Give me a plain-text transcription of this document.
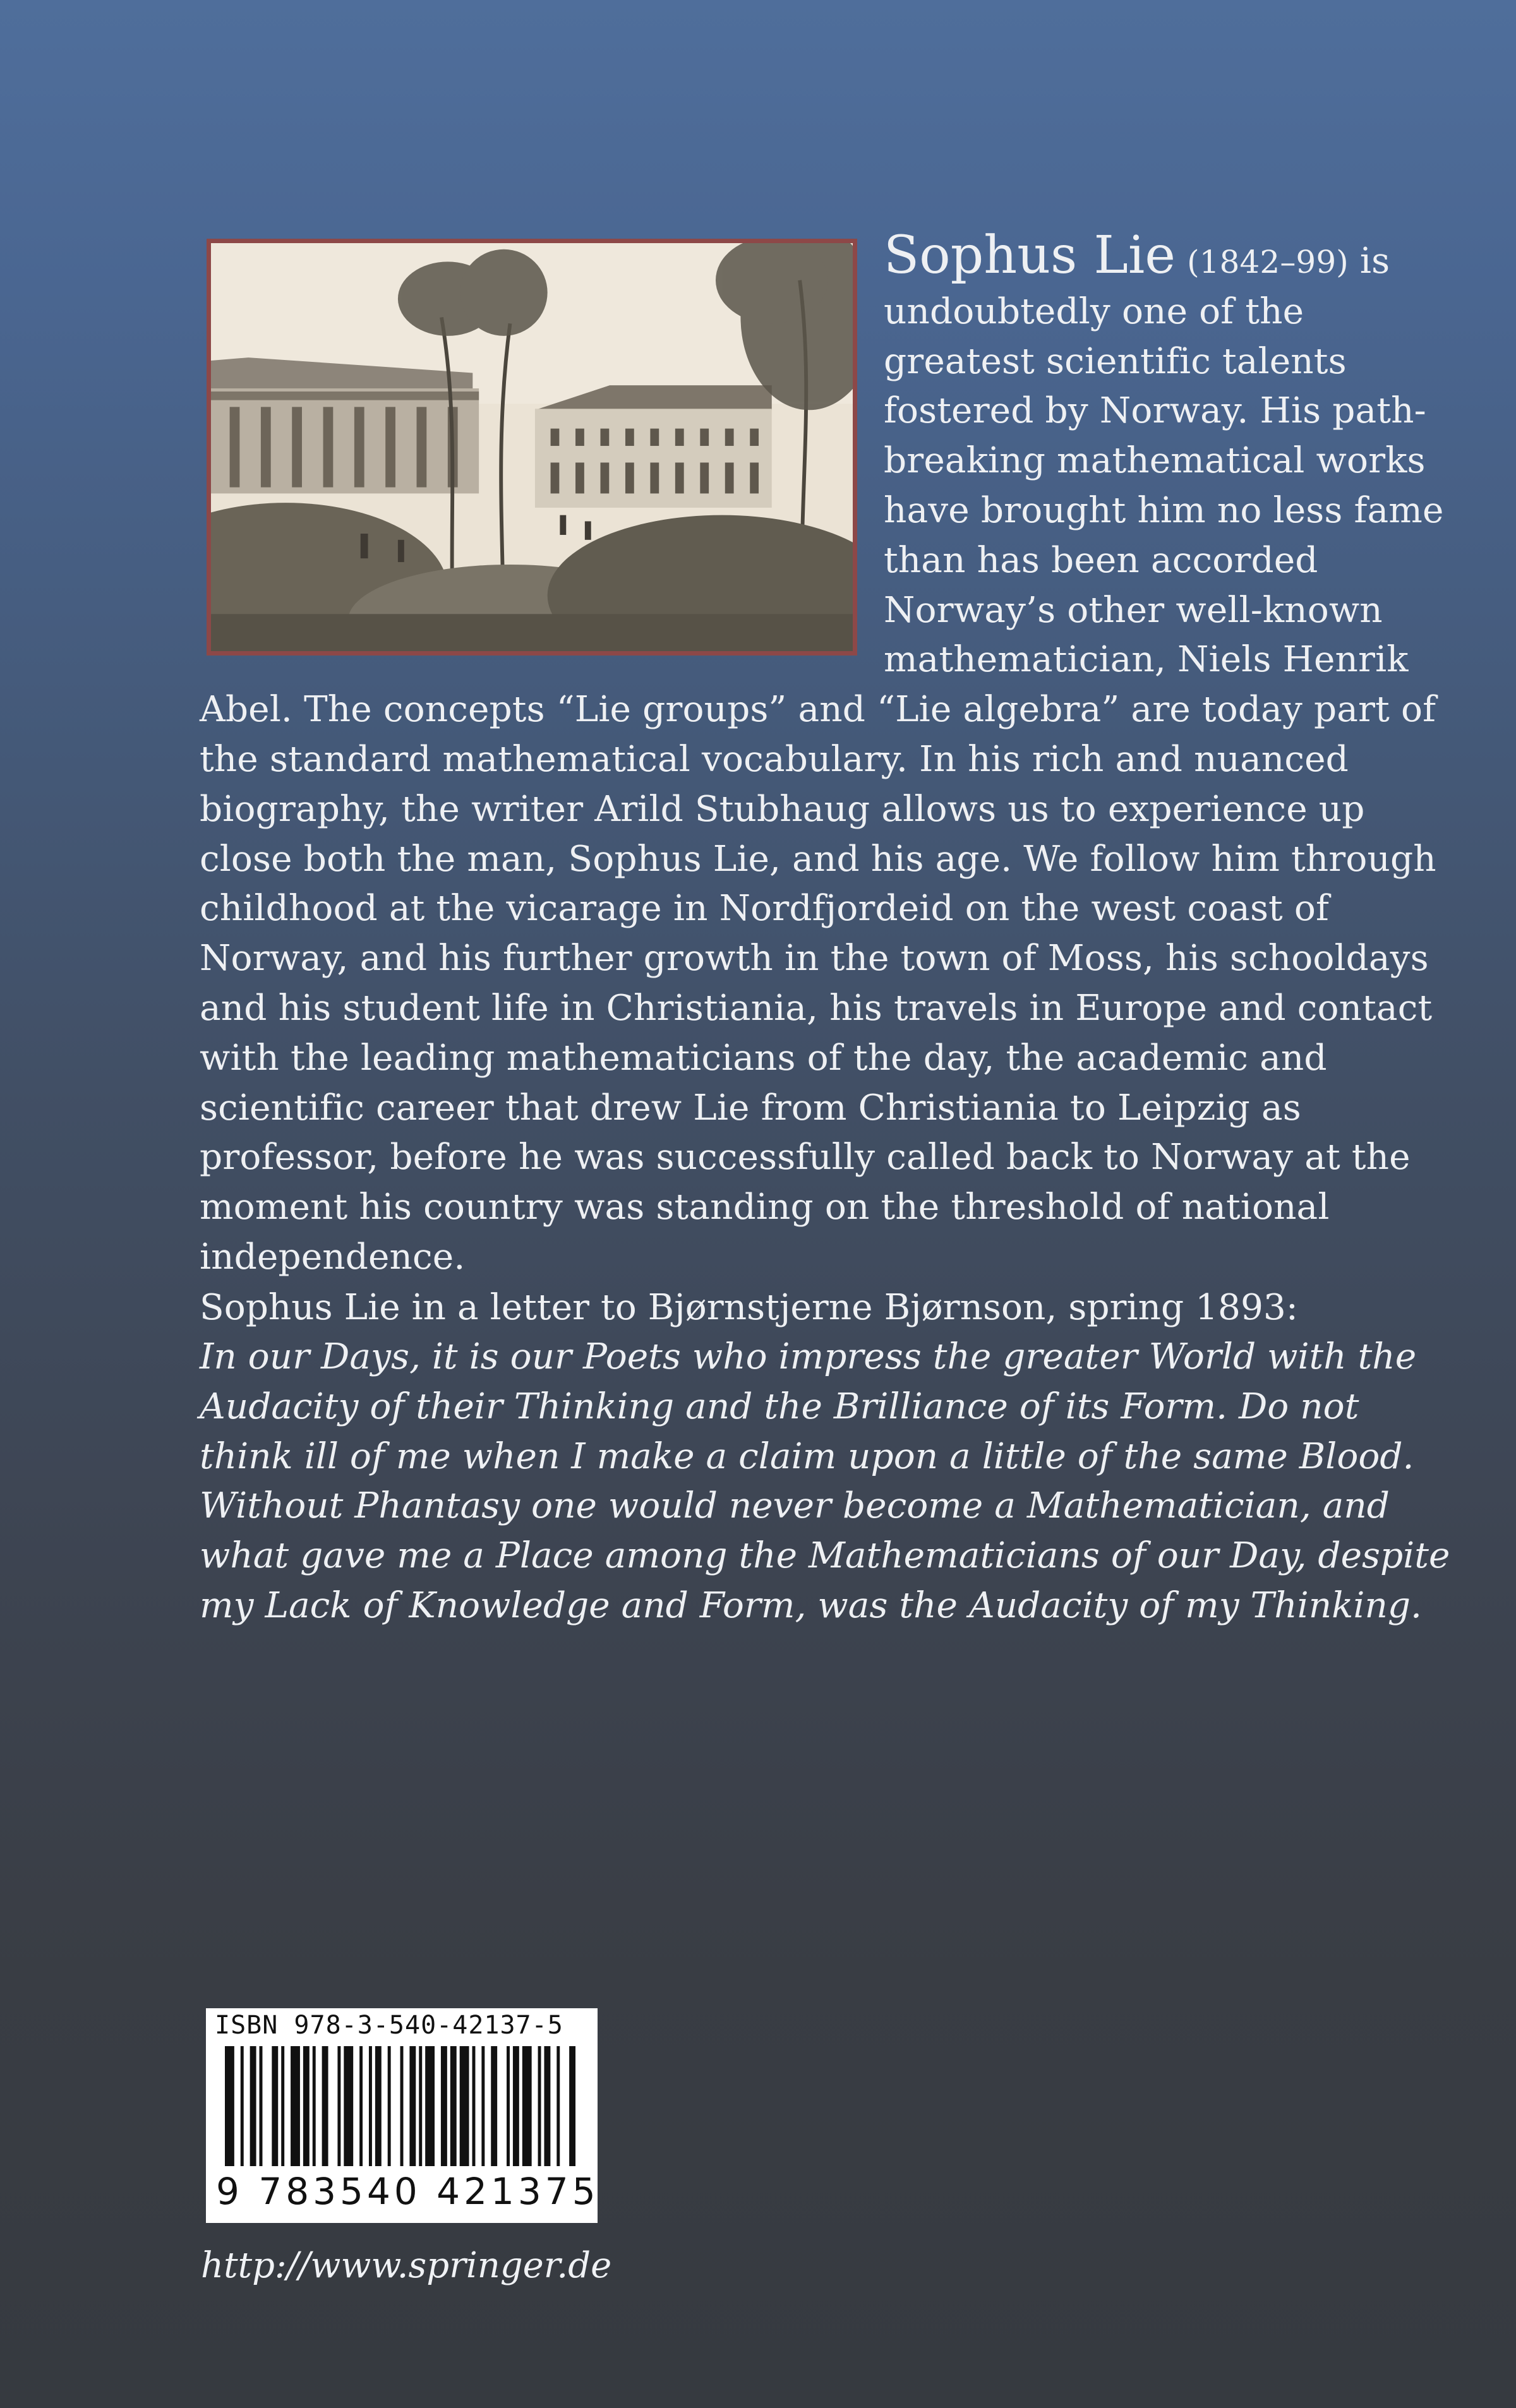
Sophus Lie (1842–99) is undoubtedly one of the greatest scientific talents fostered by Norway. His path-breaking mathematical works have brought him no less fame than has been accorded Norway’s other well-known mathematician, Niels Henrik Abel. The concepts “Lie groups” and “Lie algebra” are today part of the standard mathematical vocabulary. In his rich and nuanced biography, the writer Arild Stubhaug allows us to experience up close both the man, Sophus Lie, and his age. We follow him through childhood at the vicarage in Nordfjordeid on the west coast of Norway, and his further growth in the town of Moss, his schooldays and his student life in Christiania, his travels in Europe and contact with the leading mathematicians of the day, the academic and scientific career that drew Lie from Christiania to Leipzig as professor, before he was successfully called back to Norway at the moment his country was standing on the threshold of national independence.

Sophus Lie in a letter to Bjørnstjerne Bjørnson, spring 1893:

In our Days, it is our Poets who impress the greater World with the Audacity of their Thinking and the Brilliance of its Form. Do not think ill of me when I make a claim upon a little of the same Blood. Without Phantasy one would never become a Mathematician, and what gave me a Place among the Mathematicians of our Day, despite my Lack of Knowledge and Form, was the Audacity of my Thinking.

ISBN 978-3-540-42137-5
9 783540 421375

http://www.springer.de
